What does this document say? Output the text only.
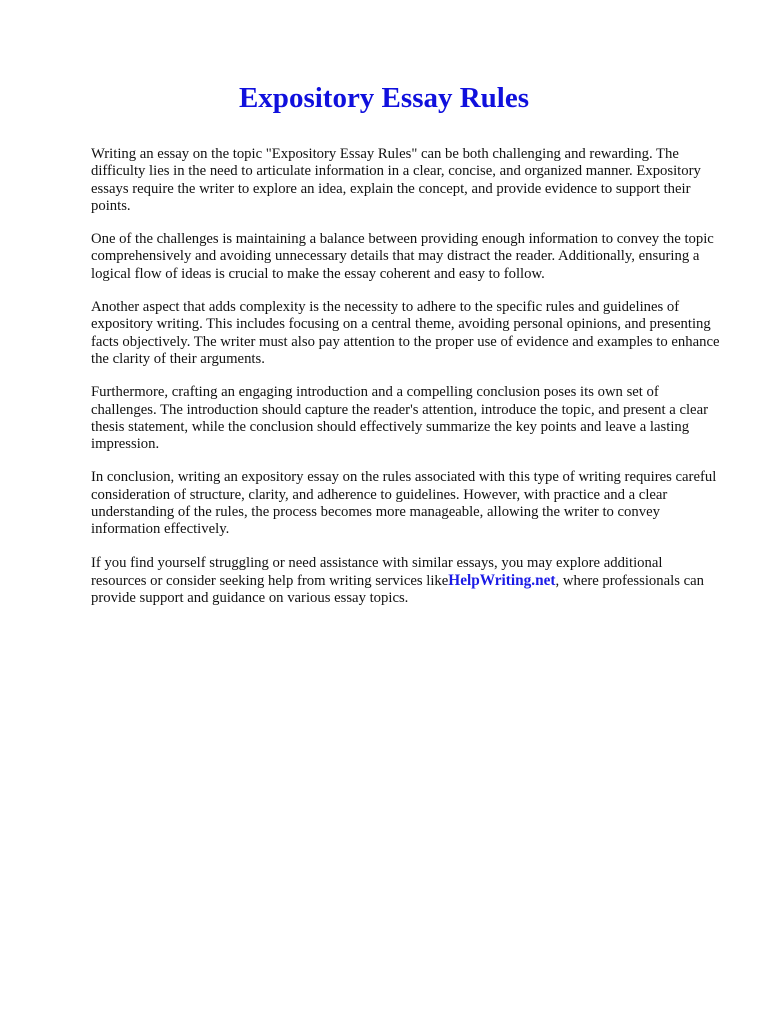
Expository Essay Rules

Writing an essay on the topic "Expository Essay Rules" can be both challenging and rewarding. The difficulty lies in the need to articulate information in a clear, concise, and organized manner. Expository essays require the writer to explore an idea, explain the concept, and provide evidence to support their points.

One of the challenges is maintaining a balance between providing enough information to convey the topic comprehensively and avoiding unnecessary details that may distract the reader. Additionally, ensuring a logical flow of ideas is crucial to make the essay coherent and easy to follow.

Another aspect that adds complexity is the necessity to adhere to the specific rules and guidelines of expository writing. This includes focusing on a central theme, avoiding personal opinions, and presenting facts objectively. The writer must also pay attention to the proper use of evidence and examples to enhance the clarity of their arguments.

Furthermore, crafting an engaging introduction and a compelling conclusion poses its own set of challenges. The introduction should capture the reader's attention, introduce the topic, and present a clear thesis statement, while the conclusion should effectively summarize the key points and leave a lasting impression.

In conclusion, writing an expository essay on the rules associated with this type of writing requires careful consideration of structure, clarity, and adherence to guidelines. However, with practice and a clear understanding of the rules, the process becomes more manageable, allowing the writer to convey information effectively.

If you find yourself struggling or need assistance with similar essays, you may explore additional resources or consider seeking help from writing services likeHelpWriting.net, where professionals can provide support and guidance on various essay topics.
